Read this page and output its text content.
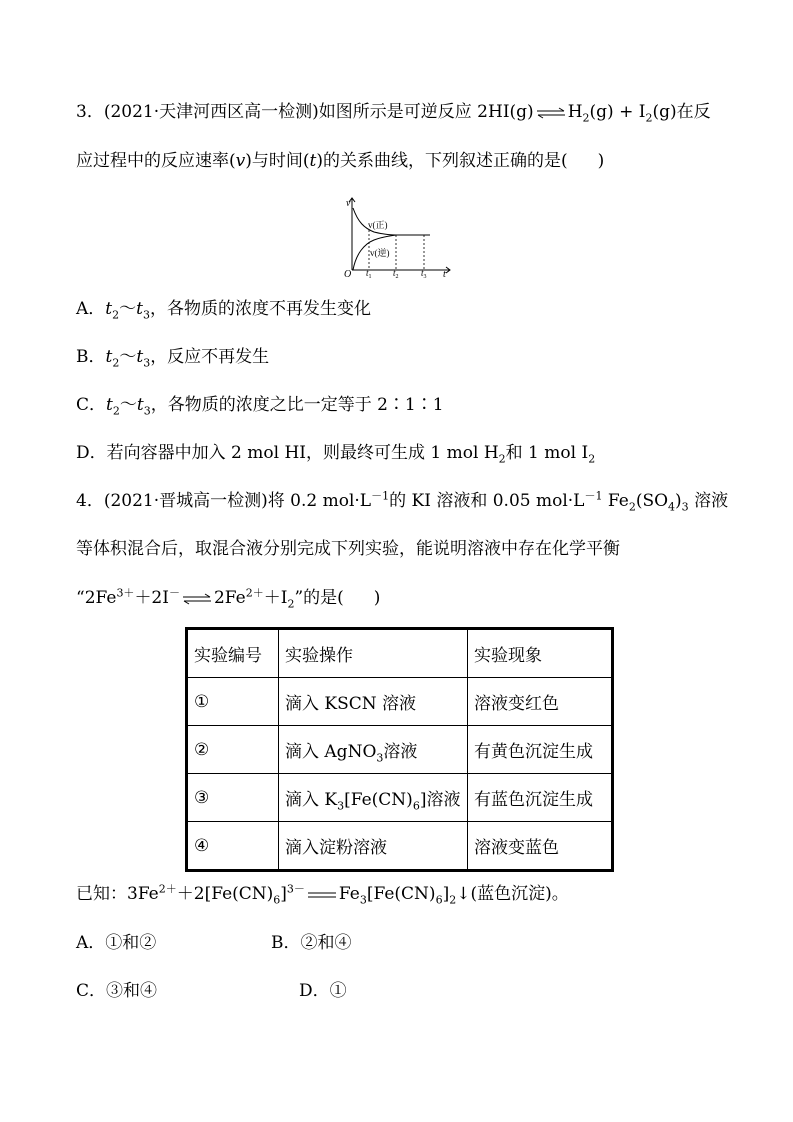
3．(2021·天津河西区高一检测)如图所示是可逆反应 2HI(g) ⇌ $H_2(g) + I_2(g)$在反
应过程中的反应速率(v)与时间(t)的关系曲线，下列叙述正确的是( )
v
t
O
v(正)
v(逆)
$t_1$ $t_2$ $t_3$
A．$t_2\sim t_3$，各物质的浓度不再发生变化
B．$t_2\sim t_3$，反应不再发生
C．$t_2\sim t_3$，各物质的浓度之比一定等于 2∶1∶1
D．若向容器中加入 2 mol HI，则最终可生成 1 mol $H_2$和 1 mol $I_2$
4．(2021·晋城高一检测)将 0.2 $mol\cdot L^{-1}$的 KI 溶液和 0.05 $mol\cdot L^{-1}$ $Fe_2(SO_4)_3$ 溶液
等体积混合后，取混合液分别完成下列实验，能说明溶液中存在化学平衡
“$2Fe^{3+}+2I^-$ ⇌ $2Fe^{2+}+I_2$”的是( )
实验编号	实验操作	实验现象
①	滴入 KSCN 溶液	溶液变红色
②	滴入 AgNO$_3$溶液	有黄色沉淀生成
③	滴入 $K_3[Fe(CN)_6]$溶液	有蓝色沉淀生成
④	滴入淀粉溶液	溶液变蓝色
已知：$3Fe^{2+}+2[Fe(CN)_6]^{3-}$ $Fe_3[Fe(CN)_6]_2↓$(蓝色沉淀)。
A．①和②	B．②和④
C．③和④	D．①
